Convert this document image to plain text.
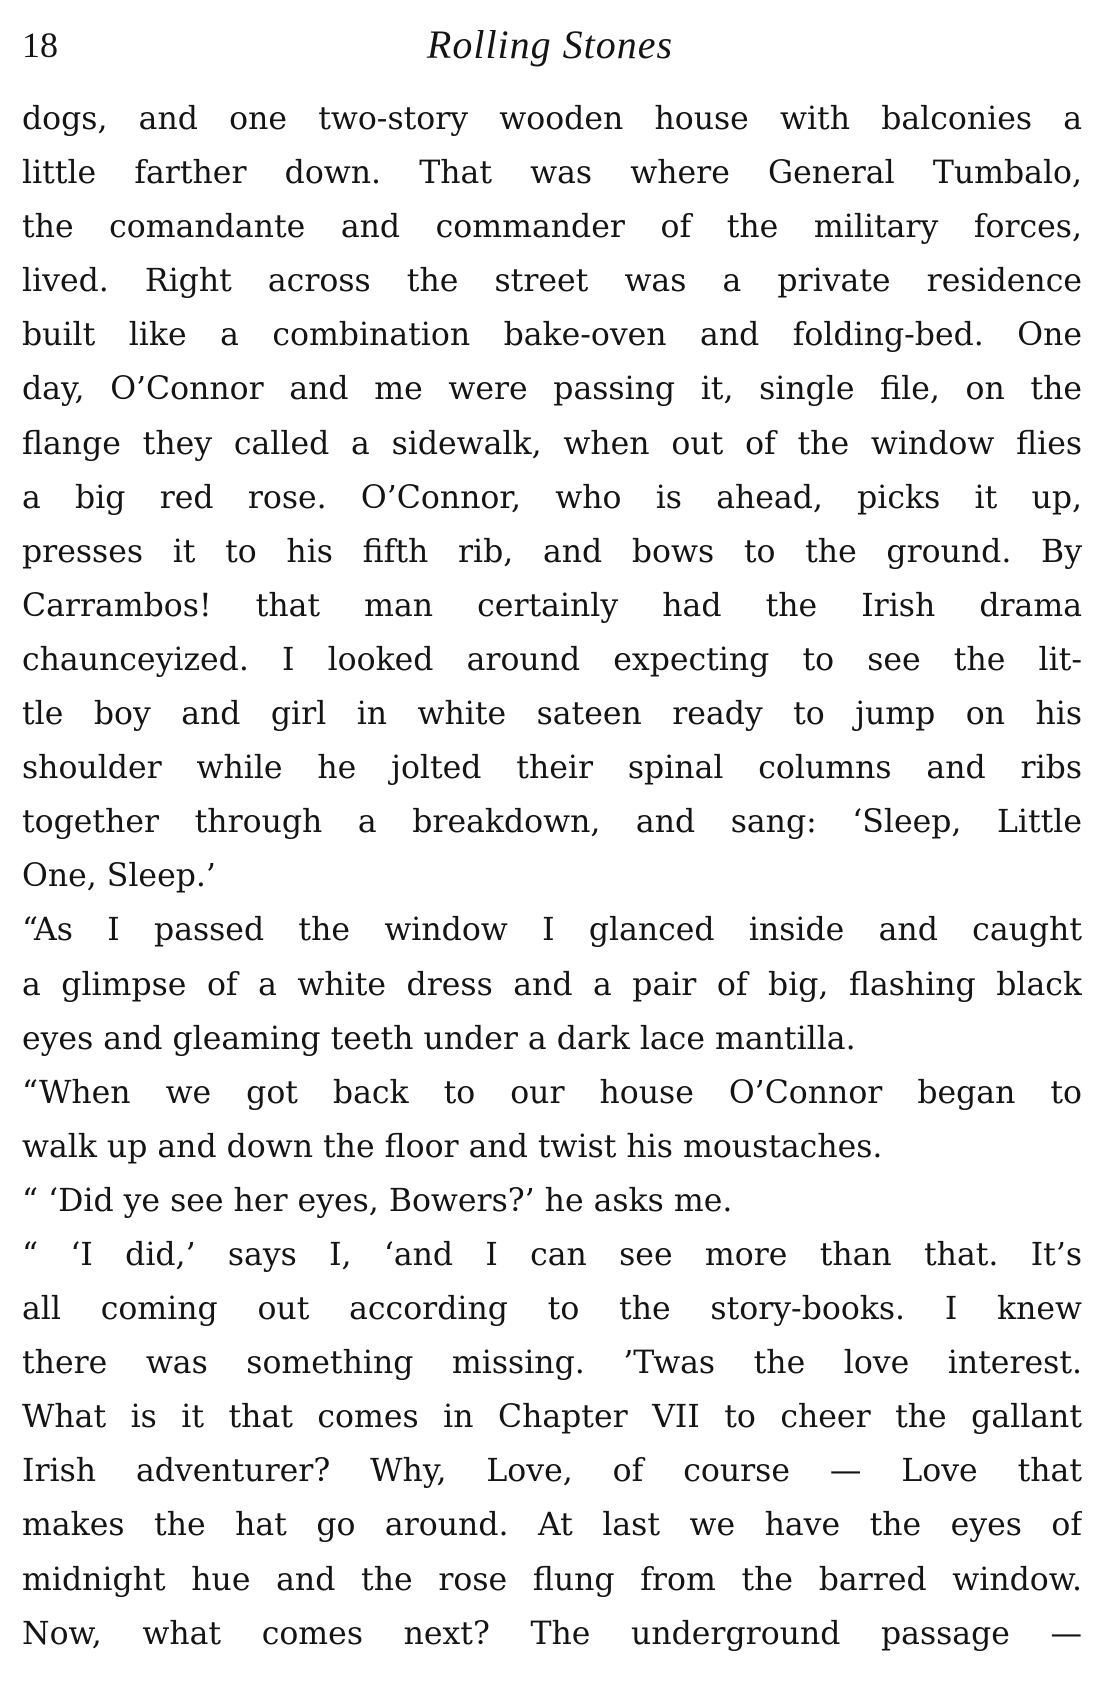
18	Rolling Stones
dogs, and one two-story wooden house with balconies a
little farther down. That was where General Tumbalo,
the comandante and commander of the military forces,
lived. Right across the street was a private residence
built like a combination bake-oven and folding-bed. One
day, O’Connor and me were passing it, single file, on the
flange they called a sidewalk, when out of the window flies
a big red rose. O’Connor, who is ahead, picks it up,
presses it to his fifth rib, and bows to the ground. By
Carrambos! that man certainly had the Irish drama
chaunceyized. I looked around expecting to see the lit-
tle boy and girl in white sateen ready to jump on his
shoulder while he jolted their spinal columns and ribs
together through a breakdown, and sang: ‘Sleep, Little
One, Sleep.’
“As I passed the window I glanced inside and caught
a glimpse of a white dress and a pair of big, flashing black
eyes and gleaming teeth under a dark lace mantilla.
“When we got back to our house O’Connor began to
walk up and down the floor and twist his moustaches.
“ ‘Did ye see her eyes, Bowers?’ he asks me.
“ ‘I did,’ says I, ‘and I can see more than that. It’s
all coming out according to the story-books. I knew
there was something missing. ’Twas the love interest.
What is it that comes in Chapter VII to cheer the gallant
Irish adventurer? Why, Love, of course — Love that
makes the hat go around. At last we have the eyes of
midnight hue and the rose flung from the barred window.
Now, what comes next? The underground passage —
